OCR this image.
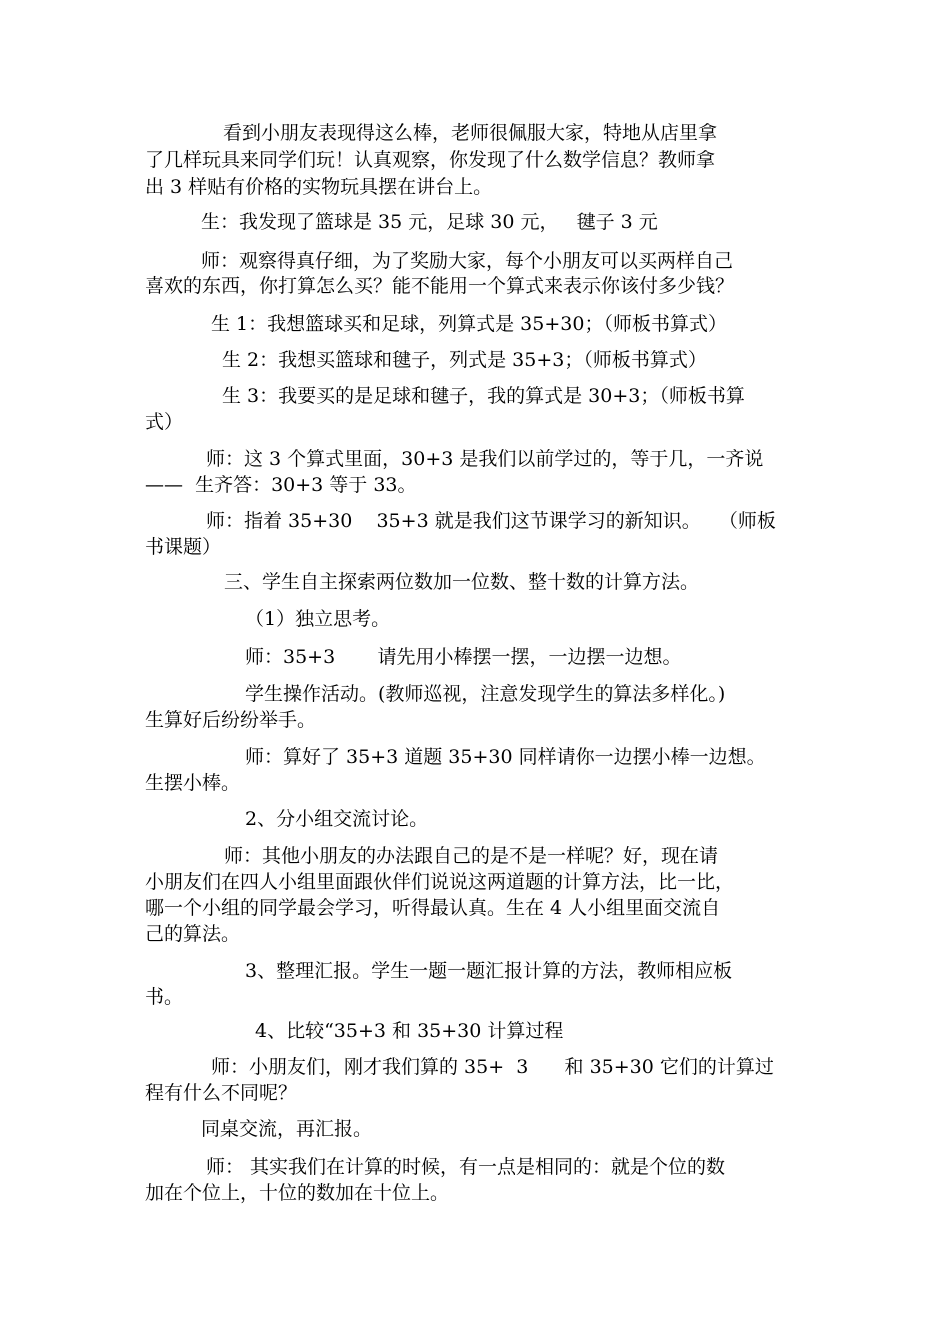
看到小朋友表现得这么棒，老师很佩服大家，特地从店里拿
了几样玩具来同学们玩！认真观察，你发现了什么数学信息？教师拿
出 3 样贴有价格的实物玩具摆在讲台上。
生：我发现了篮球是 35 元，足球 30 元，   毽子 3 元
师：观察得真仔细，为了奖励大家，每个小朋友可以买两样自己
喜欢的东西，你打算怎么买？能不能用一个算式来表示你该付多少钱？
生 1：我想篮球买和足球，列算式是 35+30；（师板书算式）
生 2：我想买篮球和毽子，列式是 35+3；（师板书算式）
生 3：我要买的是足球和毽子，我的算式是 30+3；（师板书算
式）
师：这 3 个算式里面，30+3 是我们以前学过的，等于几，一齐说
——  生齐答：30+3 等于 33。
师：指着 35+30    35+3 就是我们这节课学习的新知识。   （师板
书课题）
三、学生自主探索两位数加一位数、整十数的计算方法。
（1）独立思考。
师：35+3       请先用小棒摆一摆，一边摆一边想。
学生操作活动。(教师巡视，注意发现学生的算法多样化。)
生算好后纷纷举手。
师：算好了 35+3 道题 35+30 同样请你一边摆小棒一边想。
生摆小棒。
2、分小组交流讨论。
师：其他小朋友的办法跟自己的是不是一样呢？好，现在请
小朋友们在四人小组里面跟伙伴们说说这两道题的计算方法，比一比，
哪一个小组的同学最会学习，听得最认真。生在 4 人小组里面交流自
己的算法。
3、整理汇报。学生一题一题汇报计算的方法，教师相应板
书。
4、比较“35+3 和 35+30 计算过程
师：小朋友们，刚才我们算的 35+  3      和 35+30 它们的计算过
程有什么不同呢？
同桌交流，再汇报。
师： 其实我们在计算的时候，有一点是相同的：就是个位的数
加在个位上，十位的数加在十位上。
